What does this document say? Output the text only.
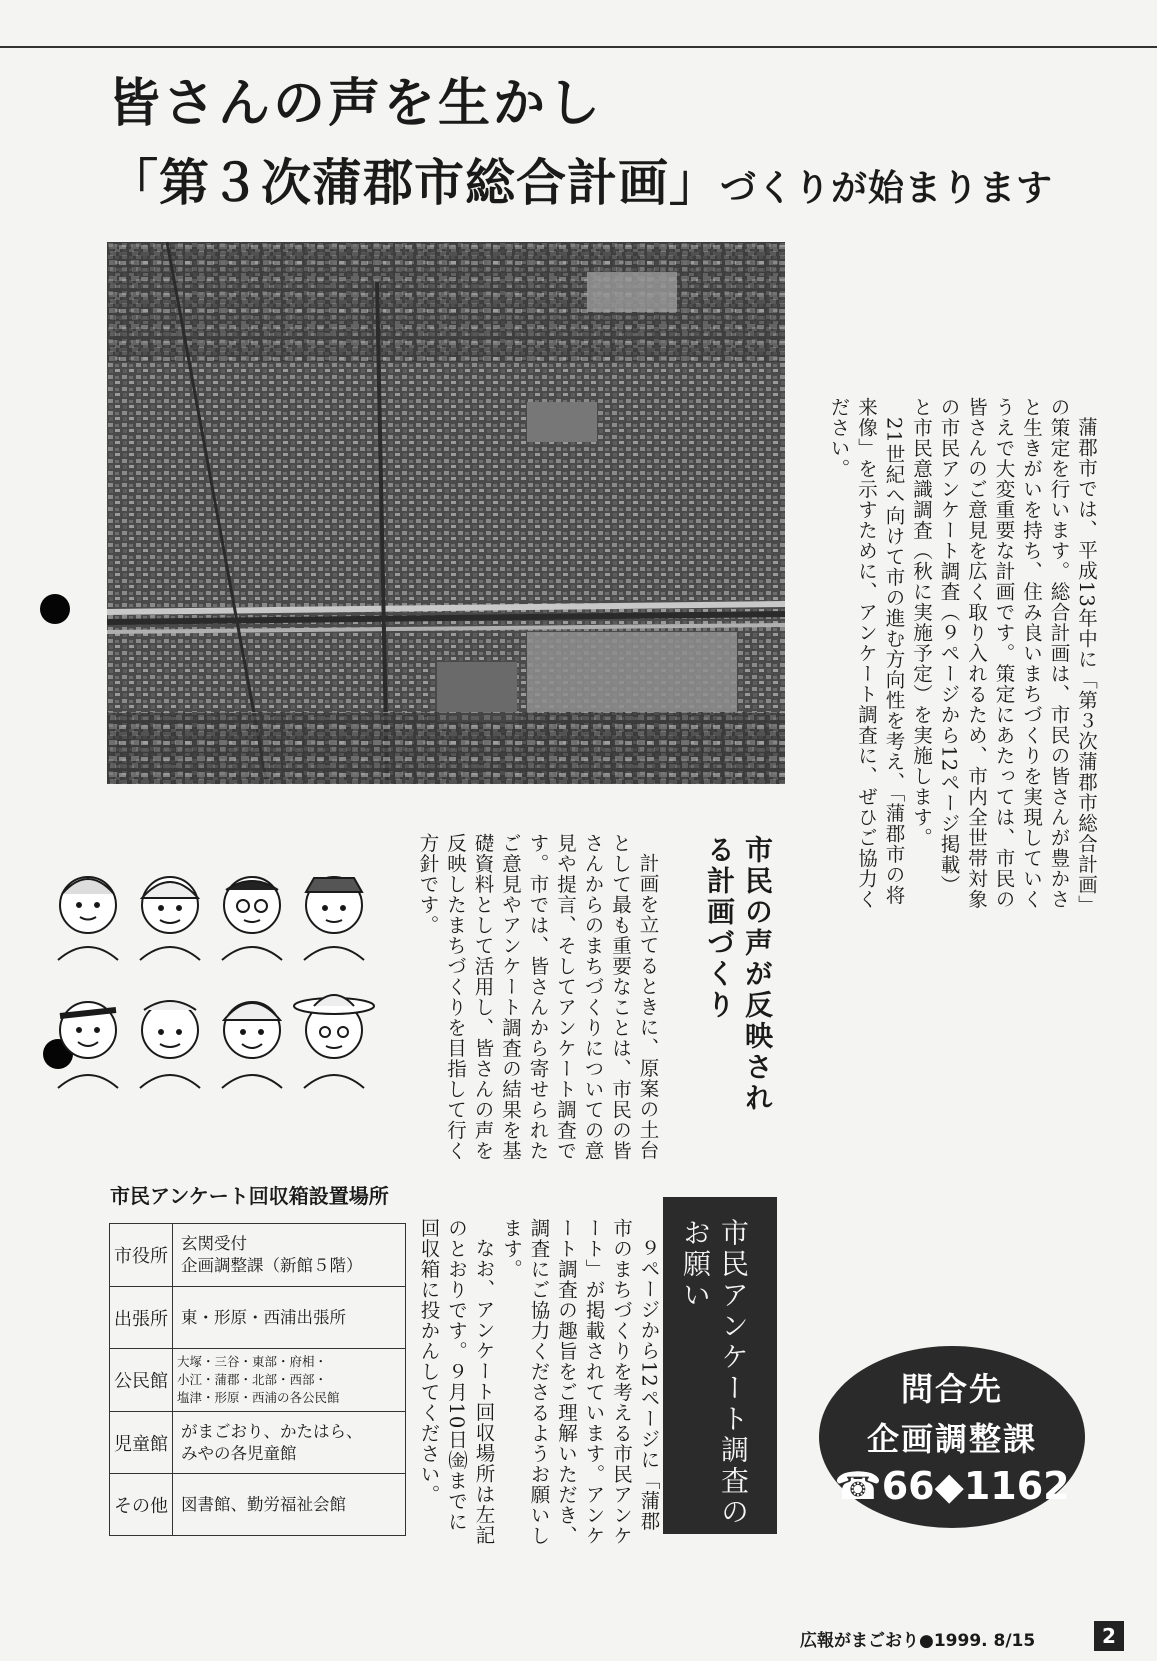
皆さんの声を生かし
「第３次蒲郡市総合計画」づくりが始まります

蒲郡市では、平成13年中に「第３次蒲郡市総合計画」の策定を行います。総合計画は、市民の皆さんが豊かさと生きがいを持ち、住み良いまちづくりを実現していくうえで大変重要な計画です。策定にあたっては、市民の皆さんのご意見を広く取り入れるため、市内全世帯対象の市民アンケート調査（９ページから12ページ掲載）と市民意識調査（秋に実施予定）を実施します。

21世紀へ向けて市の進む方向性を考え、「蒲郡市の将来像」を示すために、アンケート調査に、ぜひご協力ください。

市民の声が反映される計画づくり

計画を立てるときに、原案の土台として最も重要なことは、市民の皆さんからのまちづくりについての意見や提言、そしてアンケート調査です。市では、皆さんから寄せられたご意見やアンケート調査の結果を基礎資料として活用し、皆さんの声を反映したまちづくりを目指して行く方針です。

市民アンケート回収箱設置場所
市役所	玄関受付
企画調整課（新館５階）

出張所	東・形原・西浦出張所

公民館	大塚・三谷・東部・府相・
小江・蒲郡・北部・西部・
塩津・形原・西浦の各公民館

児童館	がまごおり、かたはら、
みやの各児童館

その他	図書館、勤労福祉会館	市民アンケート調査のお願い

９ページから12ページに「蒲郡市のまちづくりを考える市民アンケート」が掲載されています。アンケート調査の趣旨をご理解いただき、調査にご協力くださるようお願いします。

なお、アンケート回収場所は左記のとおりです。９月10日㈮までに回収箱に投かんしてください。	問合先
企画調整課
☎66◆1162
広報がまごおり●1999. 8/15	2
